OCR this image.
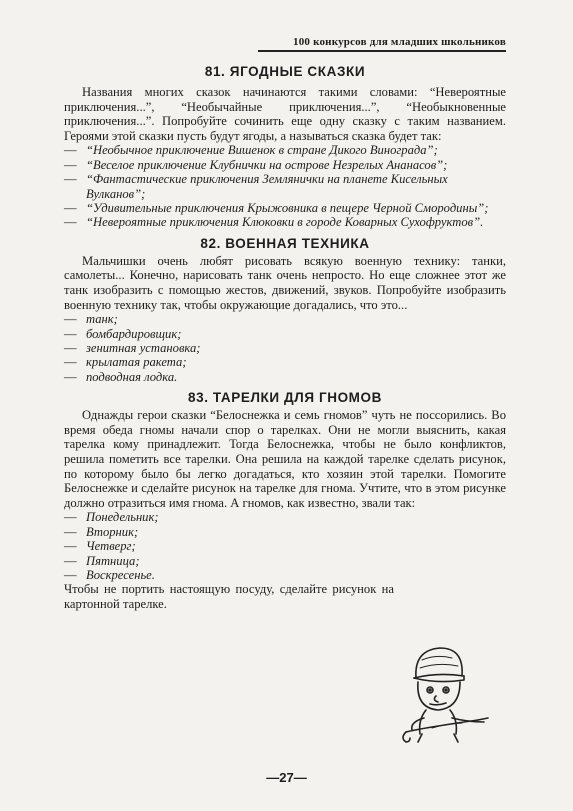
100 конкурсов для младших школьников
81. ЯГОДНЫЕ СКАЗКИ

Названия многих сказок начинаются такими словами: “Невероятные приключения...”, “Необычайные приключения...”, “Необыкновенные приключения...”. Попробуйте сочинить еще одну сказку с таким названием. Героями этой сказки пусть будут ягоды, а называться сказка будет так:

— “Необычное приключение Вишенок в стране Дикого Винограда”;
— “Веселое приключение Клубнички на острове Незрелых Ананасов”;
— “Фантастические приключения Землянички на планете Кисельных Вулканов”;
— “Удивительные приключения Крыжовника в пещере Черной Смородины”;
— “Невероятные приключения Клюковки в городе Коварных Сухофруктов”.
82. ВОЕННАЯ ТЕХНИКА

Мальчишки очень любят рисовать всякую военную технику: танки, самолеты... Конечно, нарисовать танк очень непросто. Но еще сложнее этот же танк изобразить с помощью жестов, движений, звуков. Попробуйте изобразить военную технику так, чтобы окружающие догадались, что это...

— танк;
— бомбардировщик;
— зенитная установка;
— крылатая ракета;
— подводная лодка.
83. ТАРЕЛКИ ДЛЯ ГНОМОВ

Однажды герои сказки “Белоснежка и семь гномов” чуть не поссорились. Во время обеда гномы начали спор о тарелках. Они не могли выяснить, какая тарелка кому принадлежит. Тогда Белоснежка, чтобы не было конфликтов, решила пометить все тарелки. Она решила на каждой тарелке сделать рисунок, по которому было бы легко догадаться, кто хозяин этой тарелки. Помогите Белоснежке и сделайте рисунок на тарелке для гнома. Учтите, что в этом рисунке должно отразиться имя гнома. А гномов, как известно, звали так:

— Понедельник;
— Вторник;
— Четверг;
— Пятница;
— Воскресенье.

Чтобы не портить настоящую посуду, сделайте рисунок на картонной тарелке.

—27—
